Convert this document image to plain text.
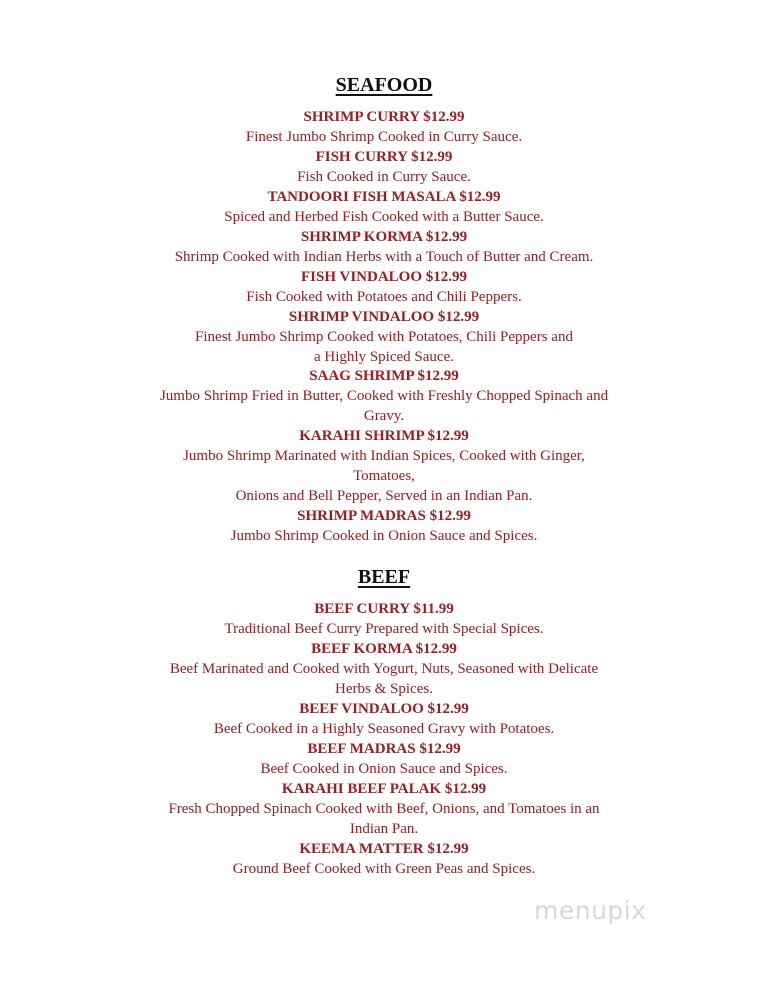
SEAFOOD
SHRIMP CURRY $12.99
Finest Jumbo Shrimp Cooked in Curry Sauce.
FISH CURRY $12.99
Fish Cooked in Curry Sauce.
TANDOORI FISH MASALA $12.99
Spiced and Herbed Fish Cooked with a Butter Sauce.
SHRIMP KORMA $12.99
Shrimp Cooked with Indian Herbs with a Touch of Butter and Cream.
FISH VINDALOO $12.99
Fish Cooked with Potatoes and Chili Peppers.
SHRIMP VINDALOO $12.99
Finest Jumbo Shrimp Cooked with Potatoes, Chili Peppers and
a Highly Spiced Sauce.
SAAG SHRIMP $12.99
Jumbo Shrimp Fried in Butter, Cooked with Freshly Chopped Spinach and
Gravy.
KARAHI SHRIMP $12.99
Jumbo Shrimp Marinated with Indian Spices, Cooked with Ginger,
Tomatoes,
Onions and Bell Pepper, Served in an Indian Pan.
SHRIMP MADRAS $12.99
Jumbo Shrimp Cooked in Onion Sauce and Spices.
BEEF
BEEF CURRY $11.99
Traditional Beef Curry Prepared with Special Spices.
BEEF KORMA $12.99
Beef Marinated and Cooked with Yogurt, Nuts, Seasoned with Delicate
Herbs & Spices.
BEEF VINDALOO $12.99
Beef Cooked in a Highly Seasoned Gravy with Potatoes.
BEEF MADRAS $12.99
Beef Cooked in Onion Sauce and Spices.
KARAHI BEEF PALAK $12.99
Fresh Chopped Spinach Cooked with Beef, Onions, and Tomatoes in an
Indian Pan.
KEEMA MATTER $12.99
Ground Beef Cooked with Green Peas and Spices.
menupix
